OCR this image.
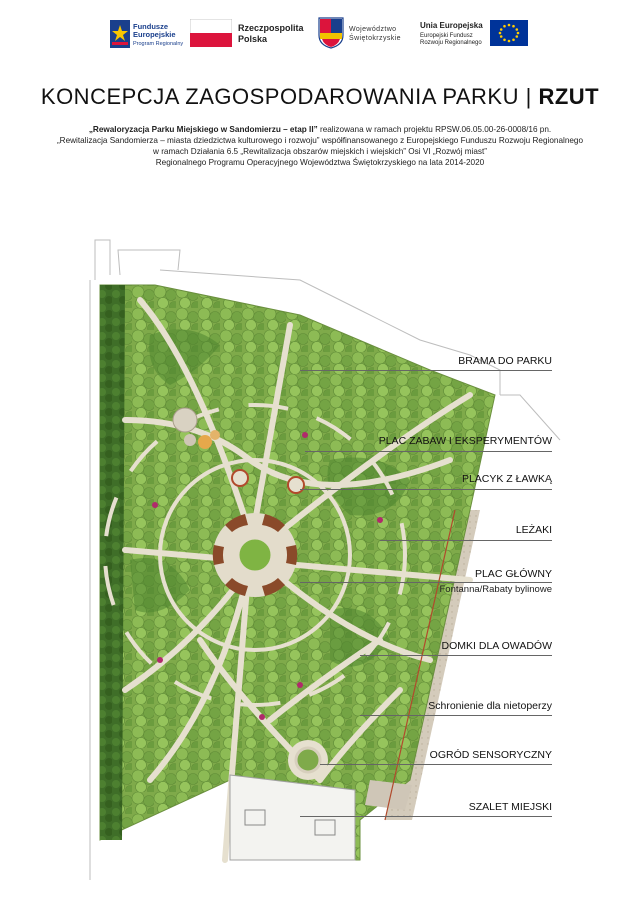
Fundusze
Europejskie
Program Regionalny
Rzeczpospolita
Polska
Województwo
Świętokrzyskie
Unia Europejska
Europejski Fundusz
Rozwoju Regionalnego
KONCEPCJA ZAGOSPODAROWANIA PARKU | RZUT
„Rewaloryzacja Parku Miejskiego w Sandomierzu – etap II” realizowana w ramach projektu RPSW.06.05.00-26-0008/16 pn.
„Rewitalizacja Sandomierza – miasta dziedzictwa kulturowego i rozwoju” współfinansowanego z Europejskiego Funduszu Rozwoju Regionalnego
w ramach Działania 6.5 „Rewitalizacja obszarów miejskich i wiejskich” Osi VI „Rozwój miast”
Regionalnego Programu Operacyjnego Województwa Świętokrzyskiego na lata 2014-2020
BRAMA DO PARKU
PLAC ZABAW I EKSPERYMENTÓW
PLACYK Z ŁAWKĄ
LEŻAKI
PLAC GŁÓWNY
Fontanna/Rabaty bylinowe
DOMKI DLA OWADÓW
Schronienie dla nietoperzy
OGRÓD SENSORYCZNY
SZALET MIEJSKI
